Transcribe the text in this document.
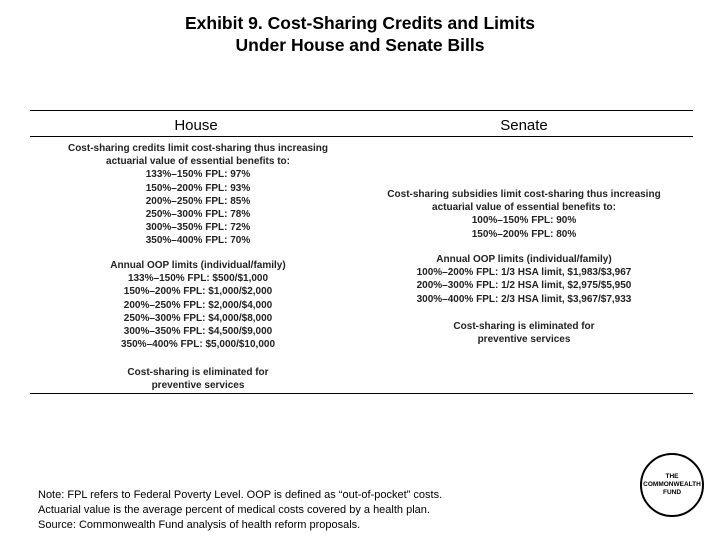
Exhibit 9. Cost-Sharing Credits and Limits
Under House and Senate Bills
House	Senate
Cost-sharing credits limit cost-sharing thus increasing
actuarial value of essential benefits to:
133%–150% FPL: 97%
150%–200% FPL: 93%
200%–250% FPL: 85%
250%–300% FPL: 78%
300%–350% FPL: 72%
350%–400% FPL: 70%
Annual OOP limits (individual/family)
133%–150% FPL: $500/$1,000
150%–200% FPL: $1,000/$2,000
200%–250% FPL: $2,000/$4,000
250%–300% FPL: $4,000/$8,000
300%–350% FPL: $4,500/$9,000
350%–400% FPL: $5,000/$10,000
Cost-sharing is eliminated for
preventive services
Cost-sharing subsidies limit cost-sharing thus increasing
actuarial value of essential benefits to:
100%–150% FPL: 90%
150%–200% FPL: 80%
Annual OOP limits (individual/family)
100%–200% FPL: 1/3 HSA limit, $1,983/$3,967
200%–300% FPL: 1/2 HSA limit, $2,975/$5,950
300%–400% FPL: 2/3 HSA limit, $3,967/$7,933
Cost-sharing is eliminated for
preventive services
Note: FPL refers to Federal Poverty Level. OOP is defined as “out-of-pocket” costs.
Actuarial value is the average percent of medical costs covered by a health plan.
Source: Commonwealth Fund analysis of health reform proposals.
THE
COMMONWEALTH
FUND
